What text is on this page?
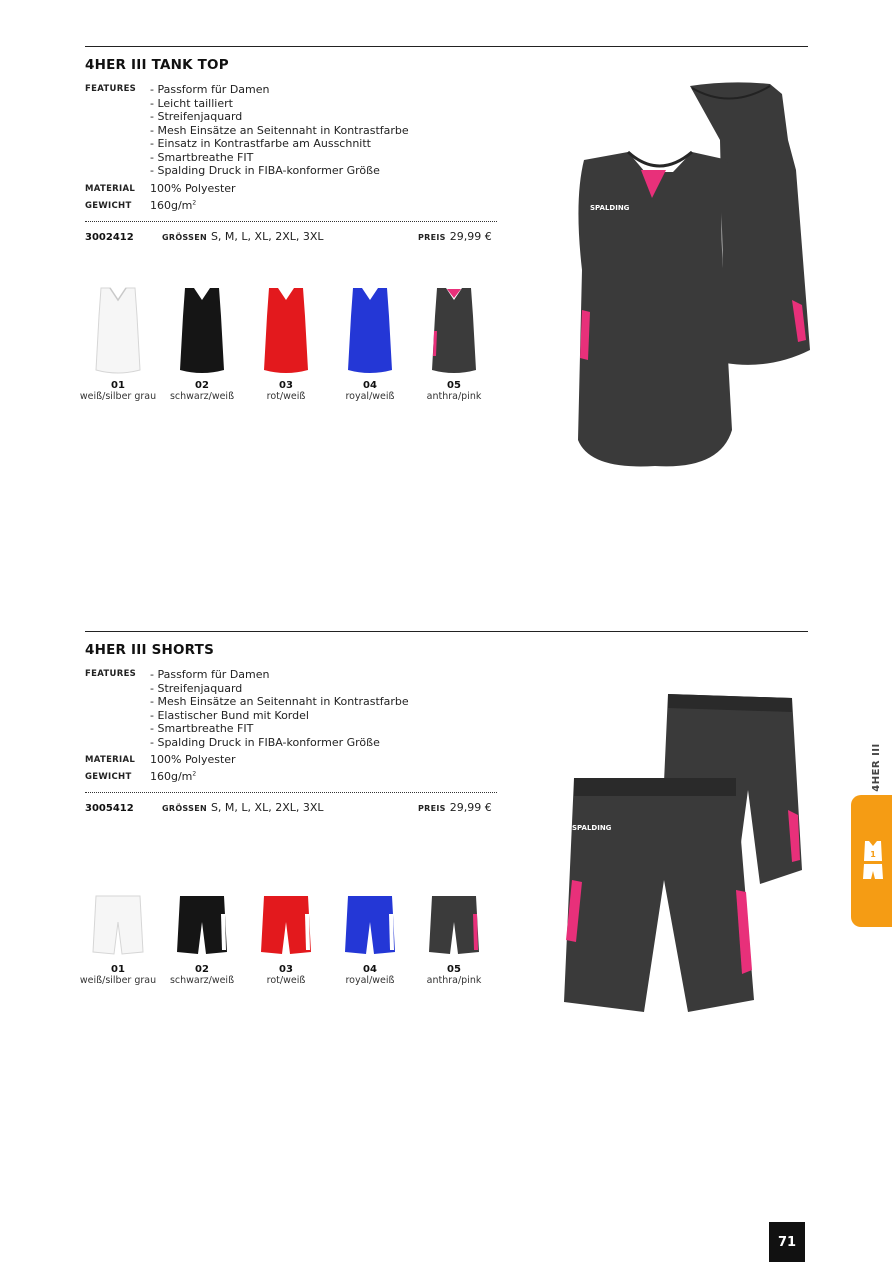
4HER III TANK TOP
FEATURES - Passform für Damen
- Leicht tailliert
- Streifenjaquard
- Mesh Einsätze an Seitennaht in Kontrastfarbe
- Einsatz in Kontrastfarbe am Ausschnitt
- Smartbreathe FIT
- Spalding Druck in FIBA-konformer Größe
MATERIAL 100% Polyester
GEWICHT $160g/m^2$
3002412	GRÖSSEN S, M, L, XL, 2XL, 3XL	PREIS 29,99 €
01
weiß/silber grau
02
schwarz/weiß
03
rot/weiß
04
royal/weiß
05
anthra/pink
SPALDING
4HER III SHORTS
FEATURES - Passform für Damen
- Streifenjaquard
- Mesh Einsätze an Seitennaht in Kontrastfarbe
- Elastischer Bund mit Kordel
- Smartbreathe FIT
- Spalding Druck in FIBA-konformer Größe
MATERIAL 100% Polyester
GEWICHT $160g/m^2$
3005412	GRÖSSEN S, M, L, XL, 2XL, 3XL	PREIS 29,99 €
01
weiß/silber grau
02
schwarz/weiß
03
rot/weiß
04
royal/weiß
05
anthra/pink
SPALDING
4HER III
1
71
